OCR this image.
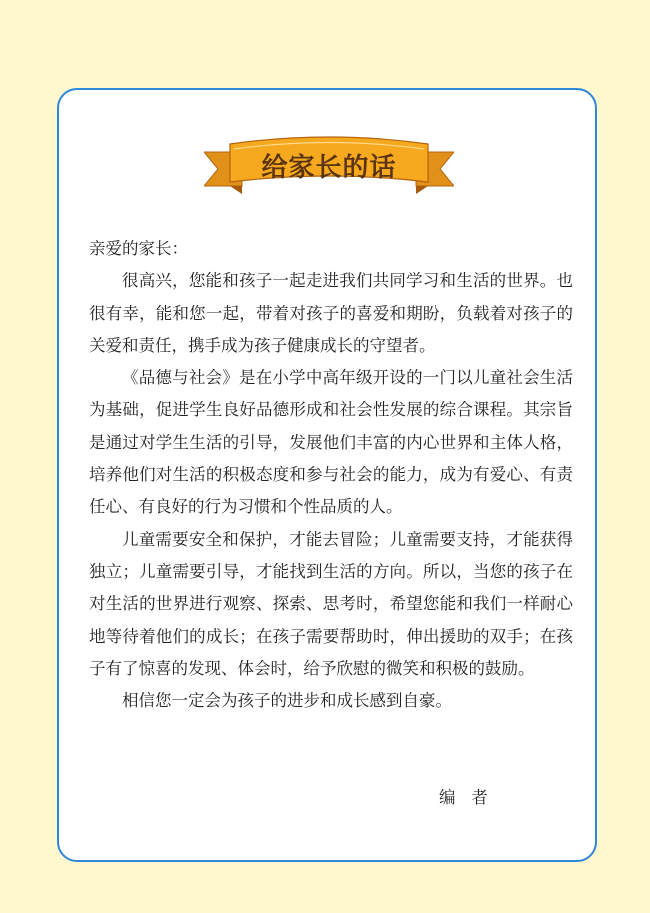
给家长的话

亲爱的家长：

很高兴，您能和孩子一起走进我们共同学习和生活的世界。也很有幸，能和您一起，带着对孩子的喜爱和期盼，负载着对孩子的关爱和责任，携手成为孩子健康成长的守望者。

《品德与社会》是在小学中高年级开设的一门以儿童社会生活为基础，促进学生良好品德形成和社会性发展的综合课程。其宗旨是通过对学生生活的引导，发展他们丰富的内心世界和主体人格，培养他们对生活的积极态度和参与社会的能力，成为有爱心、有责任心、有良好的行为习惯和个性品质的人。

儿童需要安全和保护，才能去冒险；儿童需要支持，才能获得独立；儿童需要引导，才能找到生活的方向。所以，当您的孩子在对生活的世界进行观察、探索、思考时，希望您能和我们一样耐心地等待着他们的成长；在孩子需要帮助时，伸出援助的双手；在孩子有了惊喜的发现、体会时，给予欣慰的微笑和积极的鼓励。

相信您一定会为孩子的进步和成长感到自豪。

编   者
